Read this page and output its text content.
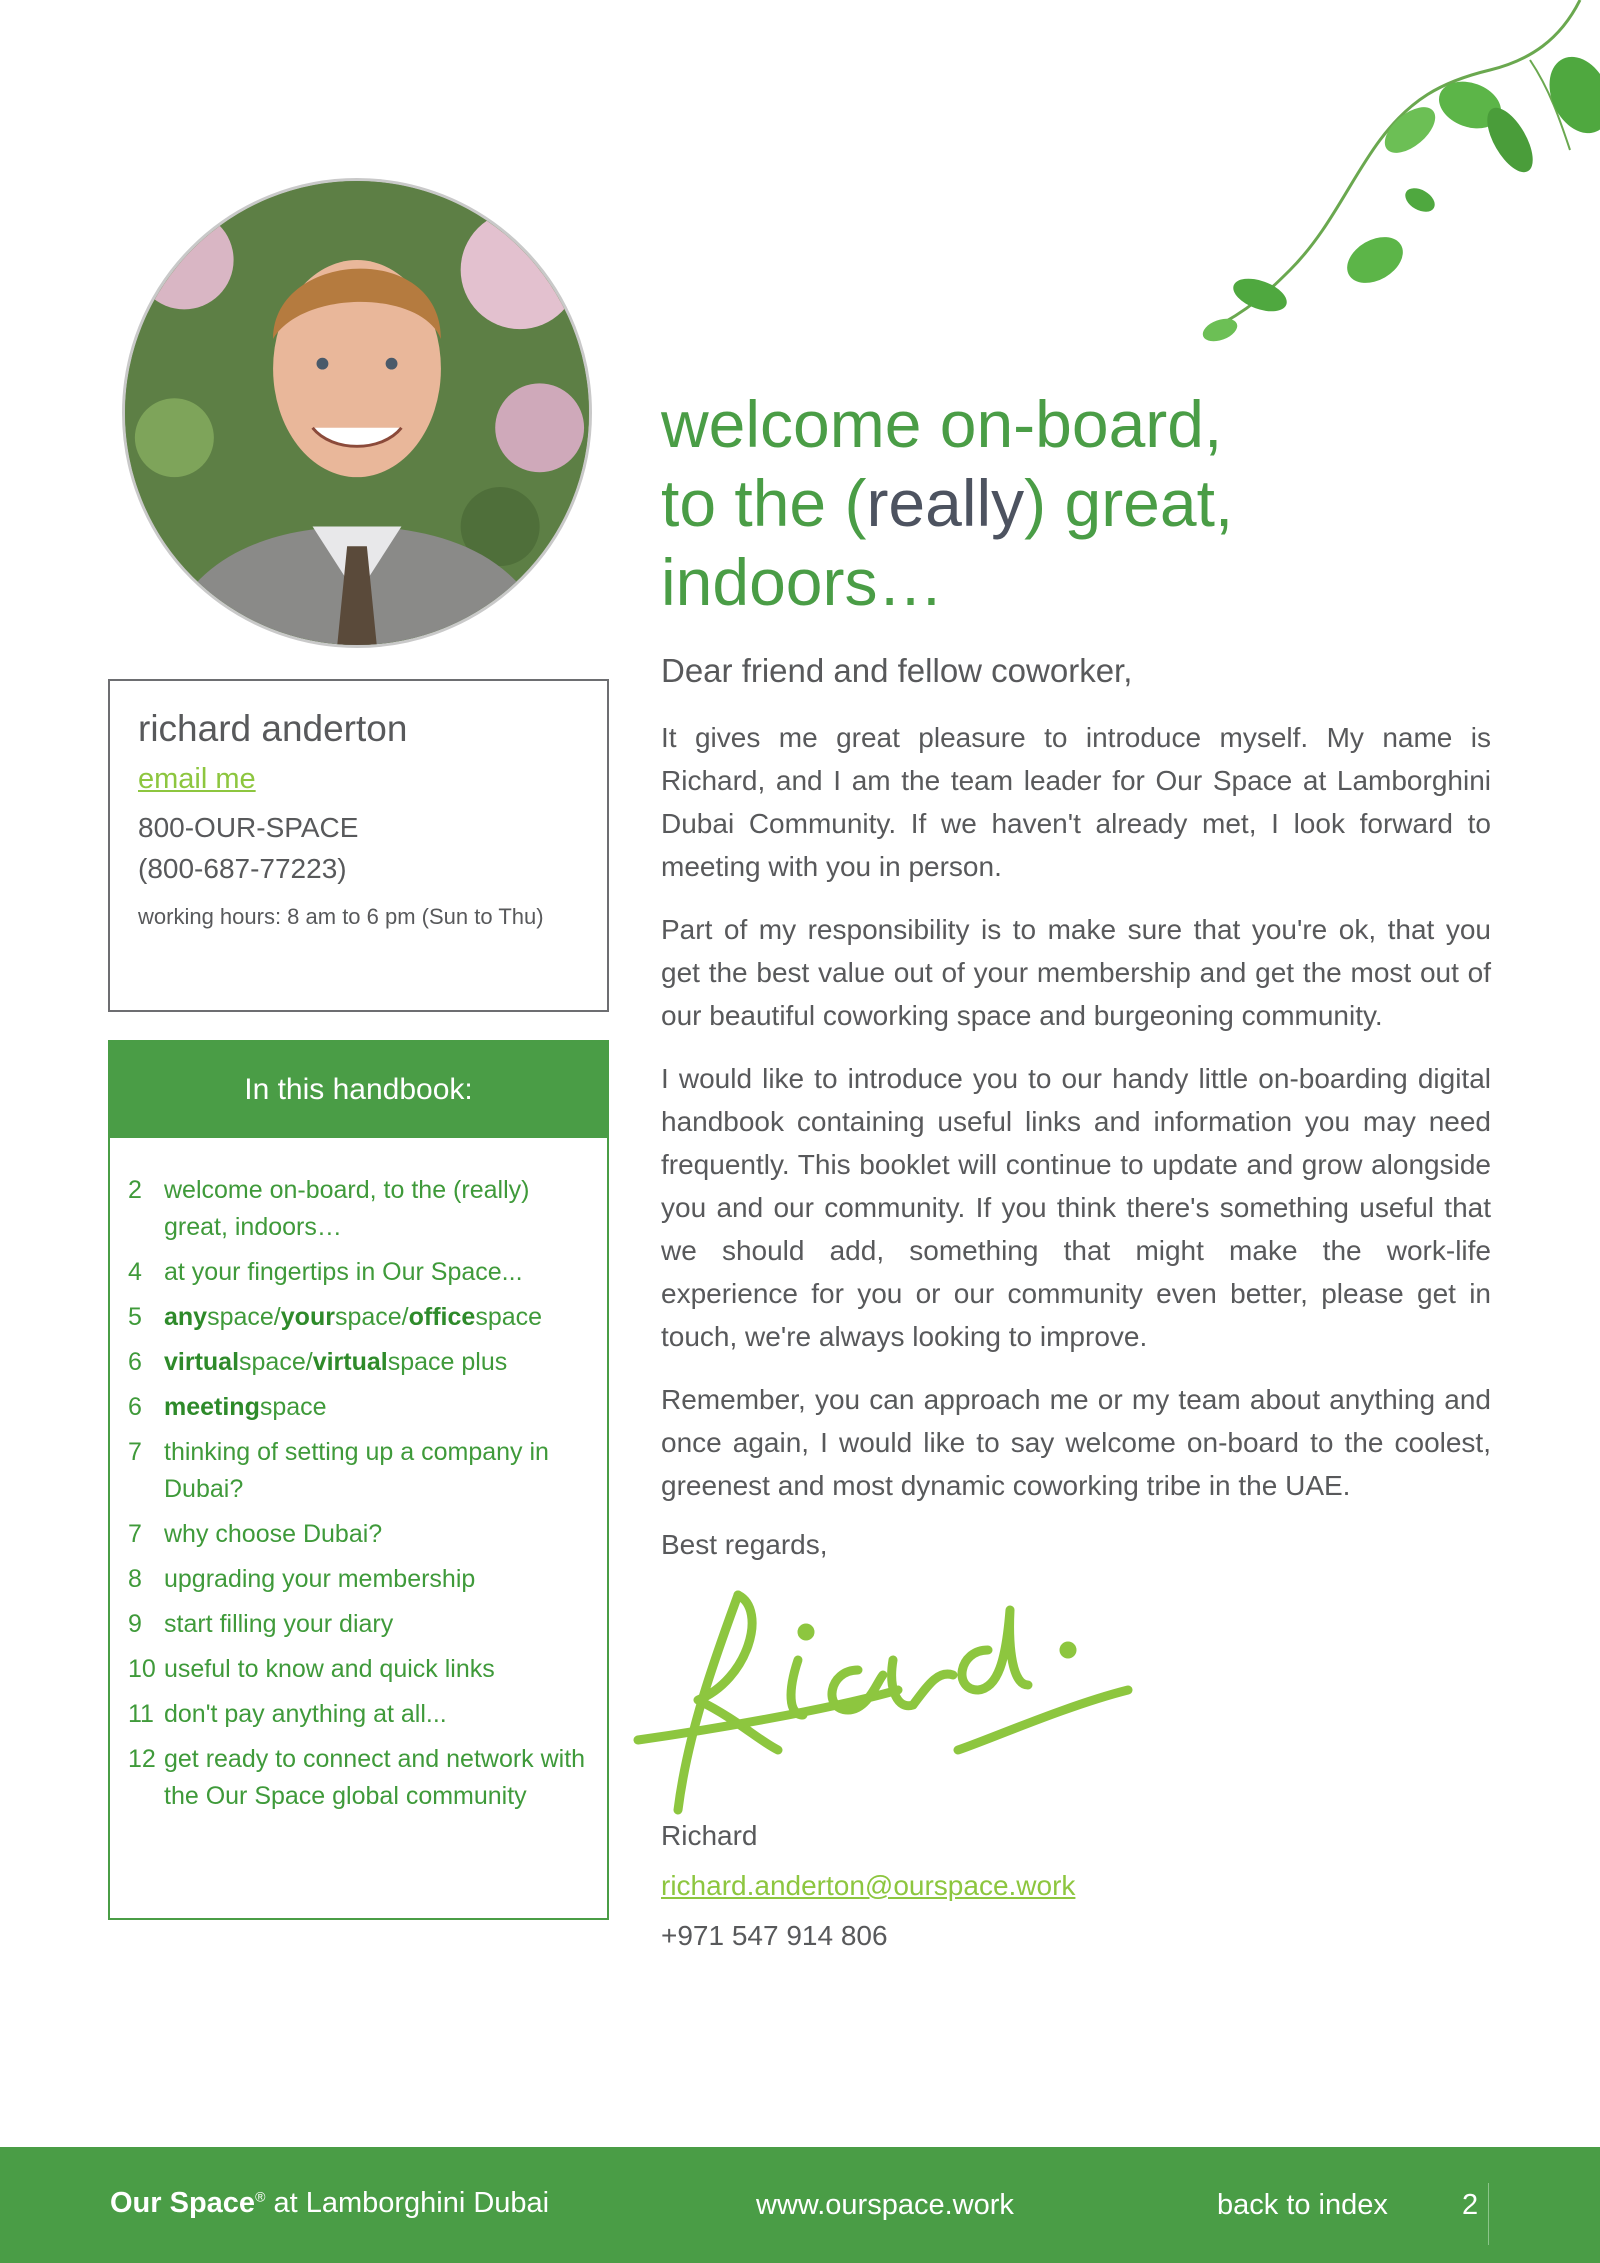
richard anderton
email me
800-OUR-SPACE
(800-687-77223)
working hours: 8 am to 6 pm (Sun to Thu)
In this handbook:
2 welcome on-board, to the (really) great, indoors…
4 at your fingertips in Our Space...
5 anyspace/yourspace/officespace
6 virtualspace/virtualspace plus
6 meetingspace
7 thinking of setting up a company in Dubai?
7 why choose Dubai?
8 upgrading your membership
9 start filling your diary
10 useful to know and quick links
11 don't pay anything at all...
12 get ready to connect and network with the Our Space global community
welcome on-board,
to the (really) great,
indoors…
Dear friend and fellow coworker,

It gives me great pleasure to introduce myself. My name is Richard, and I am the team leader for Our Space at Lamborghini Dubai Community. If we haven't already met, I look forward to meeting with you in person.

Part of my responsibility is to make sure that you're ok, that you get the best value out of your membership and get the most out of our beautiful coworking space and burgeoning community.

I would like to introduce you to our handy little on-boarding digital handbook containing useful links and information you may need frequently. This booklet will continue to update and grow alongside you and our community. If you think there's something useful that we should add, something that might make the work-life experience for you or our community even better, please get in touch, we're always looking to improve.

Remember, you can approach me or my team about anything and once again, I would like to say welcome on-board to the coolest, greenest and most dynamic coworking tribe in the UAE.

Best regards,
Richard
richard.anderton@ourspace.work
+971 547 914 806
Our Space® at Lamborghini Dubai	www.ourspace.work	back to index	2
